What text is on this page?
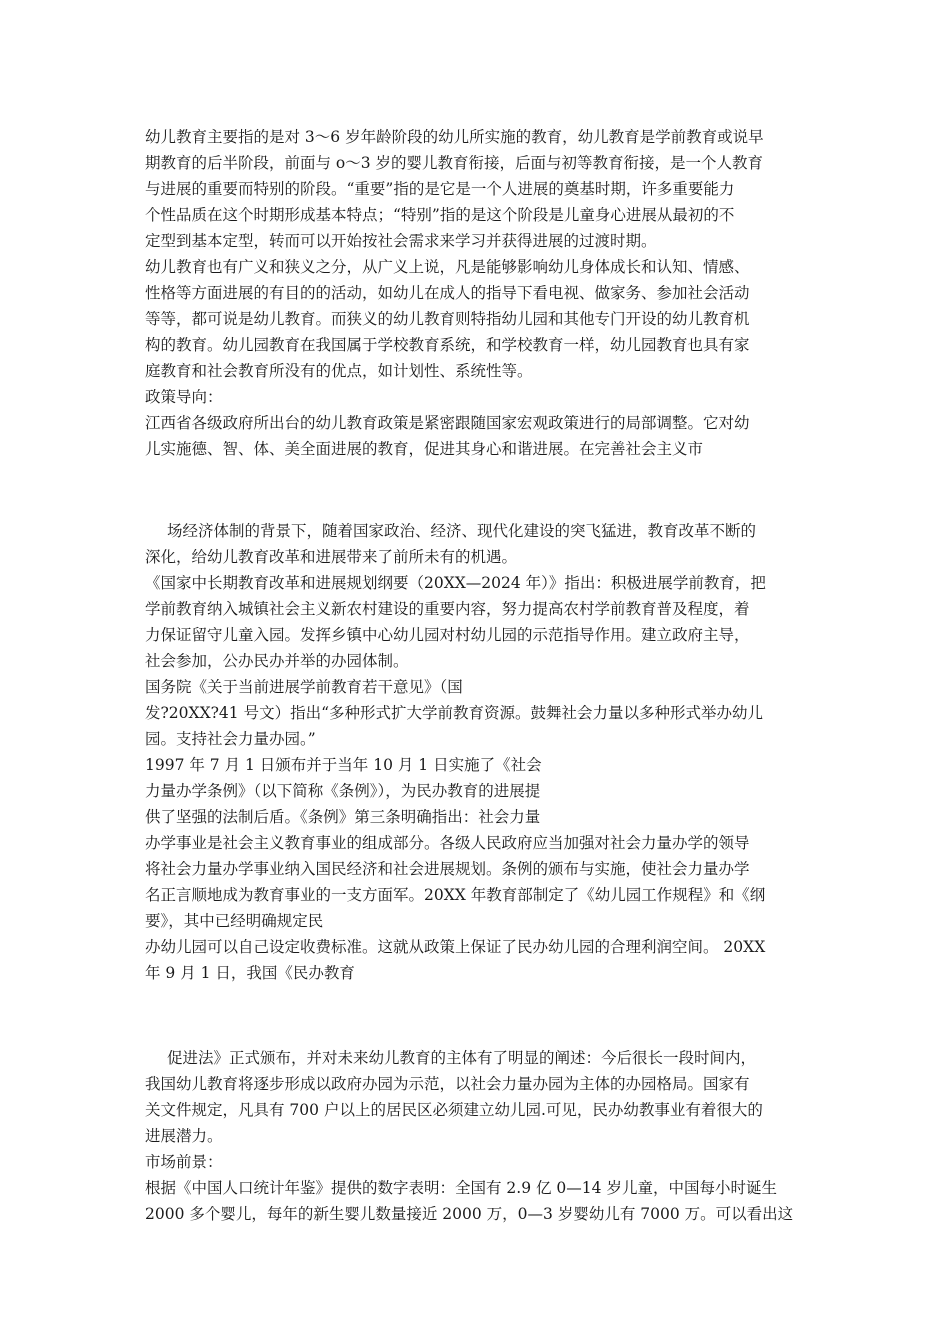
幼儿教育主要指的是对 3～6 岁年龄阶段的幼儿所实施的教育，幼儿教育是学前教育或说早
期教育的后半阶段，前面与 o～3 岁的婴儿教育衔接，后面与初等教育衔接，是一个人教育
与进展的重要而特别的阶段。“重要”指的是它是一个人进展的奠基时期，许多重要能力
个性品质在这个时期形成基本特点；“特别”指的是这个阶段是儿童身心进展从最初的不
定型到基本定型，转而可以开始按社会需求来学习并获得进展的过渡时期。
幼儿教育也有广义和狭义之分，从广义上说，凡是能够影响幼儿身体成长和认知、情感、
性格等方面进展的有目的的活动，如幼儿在成人的指导下看电视、做家务、参加社会活动
等等，都可说是幼儿教育。而狭义的幼儿教育则特指幼儿园和其他专门开设的幼儿教育机
构的教育。幼儿园教育在我国属于学校教育系统，和学校教育一样，幼儿园教育也具有家
庭教育和社会教育所没有的优点，如计划性、系统性等。
政策导向：
江西省各级政府所出台的幼儿教育政策是紧密跟随国家宏观政策进行的局部调整。它对幼
儿实施德、智、体、美全面进展的教育，促进其身心和谐进展。在完善社会主义市
场经济体制的背景下，随着国家政治、经济、现代化建设的突飞猛进，教育改革不断的
深化，给幼儿教育改革和进展带来了前所未有的机遇。
《国家中长期教育改革和进展规划纲要（20XX—2024 年）》指出：积极进展学前教育，把
学前教育纳入城镇社会主义新农村建设的重要内容，努力提高农村学前教育普及程度，着
力保证留守儿童入园。发挥乡镇中心幼儿园对村幼儿园的示范指导作用。建立政府主导，
社会参加，公办民办并举的办园体制。
国务院《关于当前进展学前教育若干意见》（国
发?20XX?41 号文）指出“多种形式扩大学前教育资源。鼓舞社会力量以多种形式举办幼儿
园。支持社会力量办园。”
1997 年 7 月 1 日颁布并于当年 10 月 1 日实施了《社会
力量办学条例》（以下简称《条例》），为民办教育的进展提
供了坚强的法制后盾。《条例》第三条明确指出：社会力量
办学事业是社会主义教育事业的组成部分。各级人民政府应当加强对社会力量办学的领导
将社会力量办学事业纳入国民经济和社会进展规划。条例的颁布与实施，使社会力量办学
名正言顺地成为教育事业的一支方面军。20XX 年教育部制定了《幼儿园工作规程》和《纲
要》，其中已经明确规定民
办幼儿园可以自己设定收费标准。这就从政策上保证了民办幼儿园的合理利润空间。 20XX
年 9 月 1 日，我国《民办教育
促进法》正式颁布，并对未来幼儿教育的主体有了明显的阐述：今后很长一段时间内，
我国幼儿教育将逐步形成以政府办园为示范，以社会力量办园为主体的办园格局。国家有
关文件规定，凡具有 700 户以上的居民区必须建立幼儿园.可见，民办幼教事业有着很大的
进展潜力。
市场前景：
根据《中国人口统计年鉴》提供的数字表明：全国有 2.9 亿 0—14 岁儿童，中国每小时诞生
2000 多个婴儿，每年的新生婴儿数量接近 2000 万，0—3 岁婴幼儿有 7000 万。可以看出这
